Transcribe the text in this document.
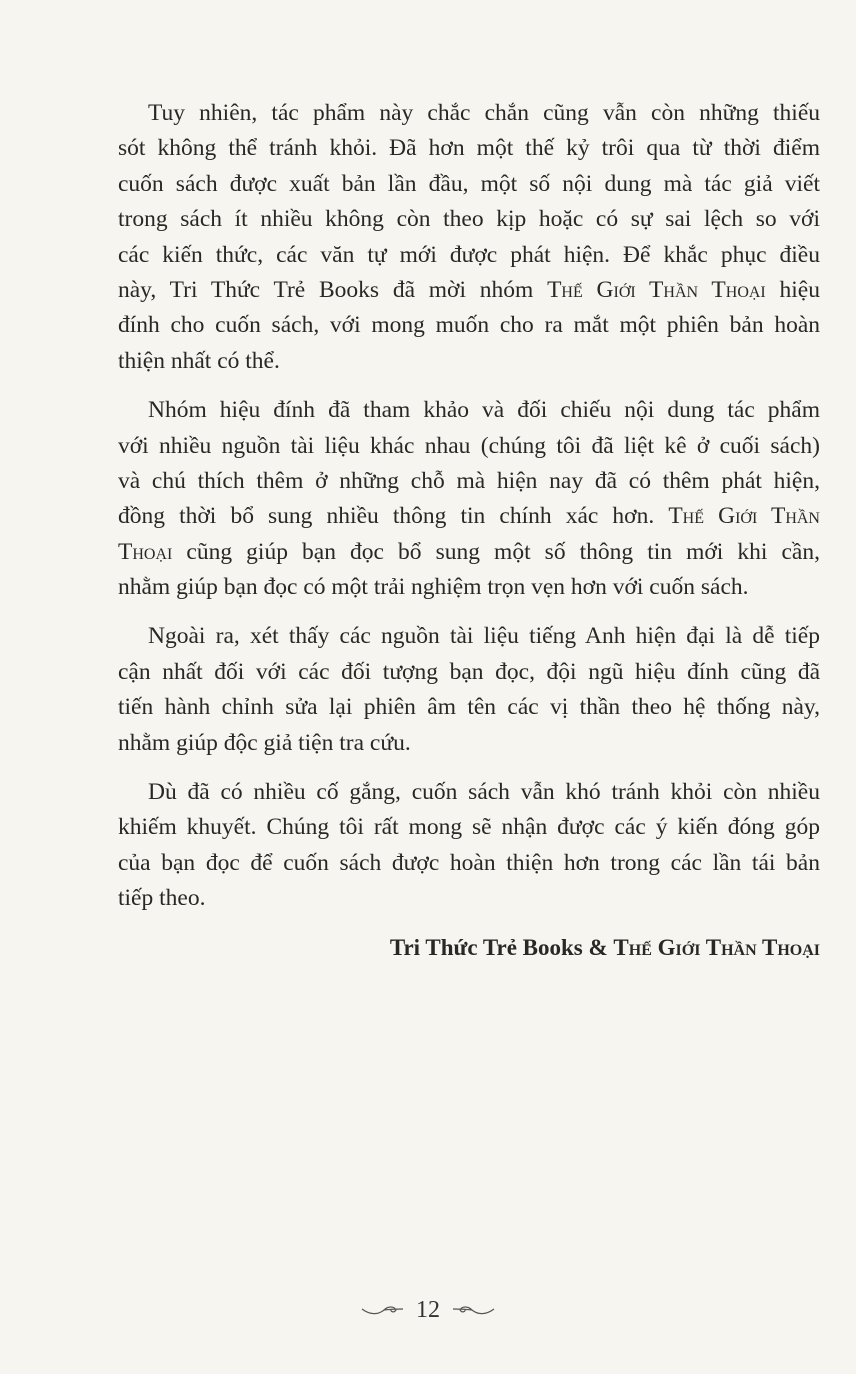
Tuy nhiên, tác phẩm này chắc chắn cũng vẫn còn những thiếu
sót không thể tránh khỏi. Đã hơn một thế kỷ trôi qua từ thời điểm
cuốn sách được xuất bản lần đầu, một số nội dung mà tác giả viết
trong sách ít nhiều không còn theo kịp hoặc có sự sai lệch so với
các kiến thức, các văn tự mới được phát hiện. Để khắc phục điều
này, Tri Thức Trẻ Books đã mời nhóm Thế Giới Thần Thoại hiệu
đính cho cuốn sách, với mong muốn cho ra mắt một phiên bản hoàn
thiện nhất có thể.
Nhóm hiệu đính đã tham khảo và đối chiếu nội dung tác phẩm
với nhiều nguồn tài liệu khác nhau (chúng tôi đã liệt kê ở cuối sách)
và chú thích thêm ở những chỗ mà hiện nay đã có thêm phát hiện,
đồng thời bổ sung nhiều thông tin chính xác hơn. Thế Giới Thần
Thoại cũng giúp bạn đọc bổ sung một số thông tin mới khi cần,
nhằm giúp bạn đọc có một trải nghiệm trọn vẹn hơn với cuốn sách.
Ngoài ra, xét thấy các nguồn tài liệu tiếng Anh hiện đại là dễ tiếp
cận nhất đối với các đối tượng bạn đọc, đội ngũ hiệu đính cũng đã
tiến hành chỉnh sửa lại phiên âm tên các vị thần theo hệ thống này,
nhằm giúp độc giả tiện tra cứu.
Dù đã có nhiều cố gắng, cuốn sách vẫn khó tránh khỏi còn nhiều
khiếm khuyết. Chúng tôi rất mong sẽ nhận được các ý kiến đóng góp
của bạn đọc để cuốn sách được hoàn thiện hơn trong các lần tái bản
tiếp theo.
Tri Thức Trẻ Books & Thế Giới Thần Thoại
12
